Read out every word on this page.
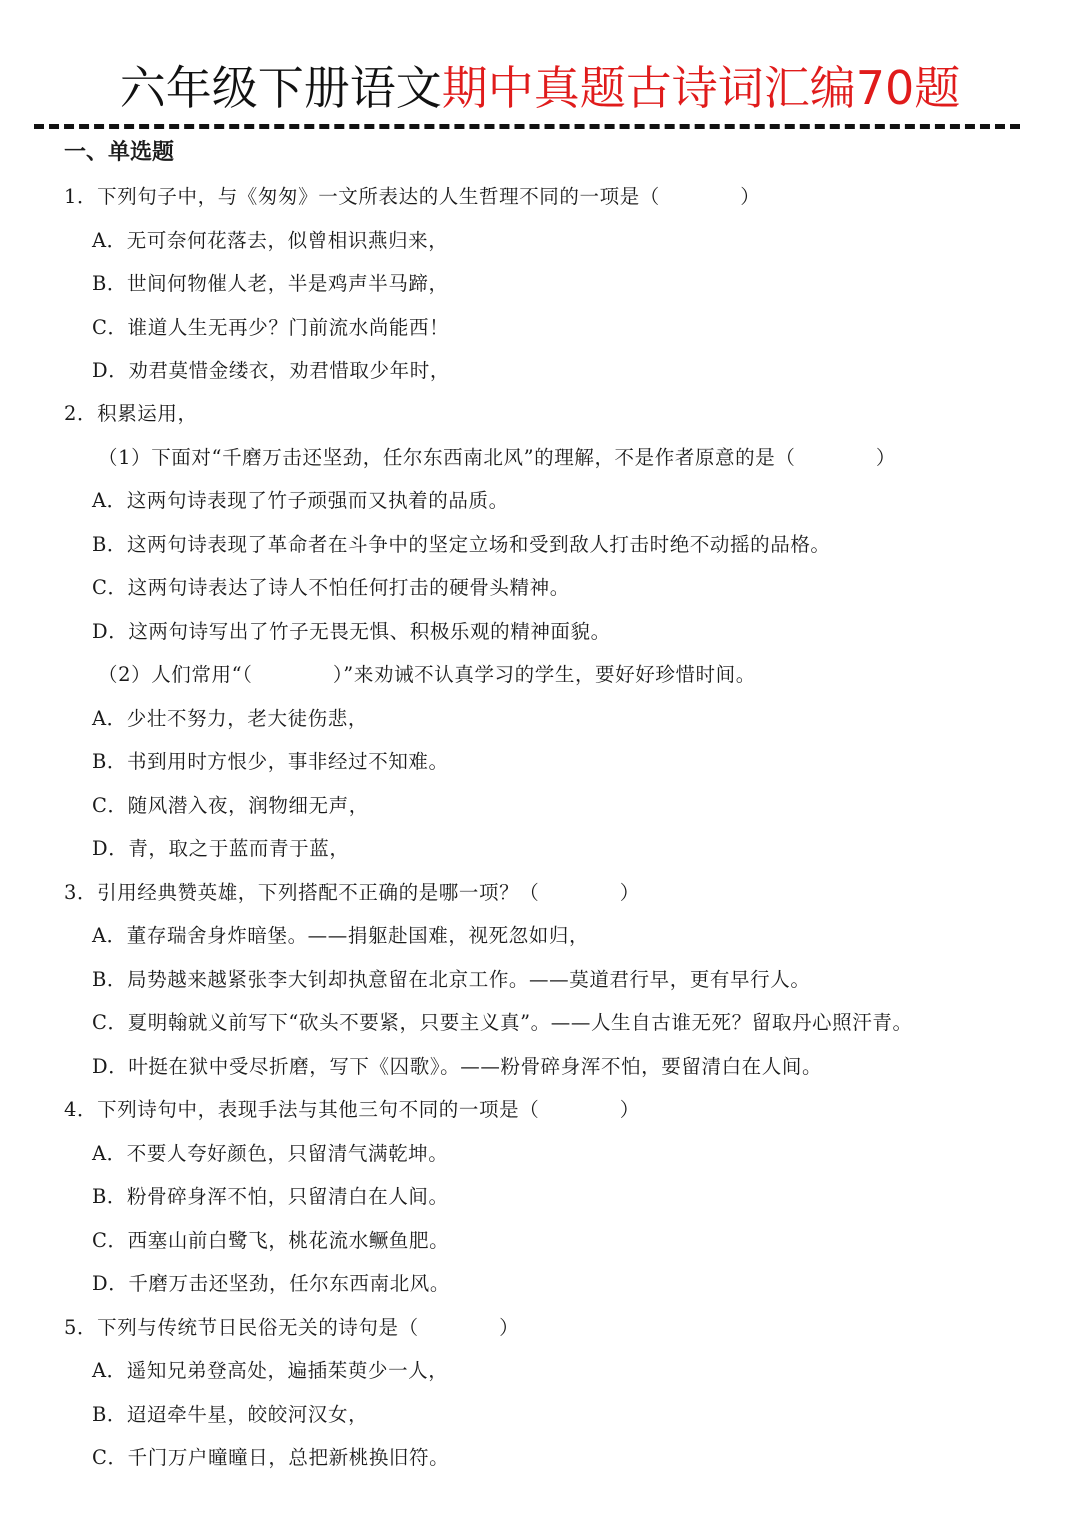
六年级下册语文期中真题古诗词汇编70题
一、单选题
1．下列句子中，与《匆匆》一文所表达的人生哲理不同的一项是（　　　　）
A．无可奈何花落去，似曾相识燕归来，
B．世间何物催人老，半是鸡声半马蹄，
C．谁道人生无再少？门前流水尚能西！
D．劝君莫惜金缕衣，劝君惜取少年时，
2．积累运用，
（1）下面对“千磨万击还坚劲，任尔东西南北风”的理解，不是作者原意的是（　　　　）
A．这两句诗表现了竹子顽强而又执着的品质。
B．这两句诗表现了革命者在斗争中的坚定立场和受到敌人打击时绝不动摇的品格。
C．这两句诗表达了诗人不怕任何打击的硬骨头精神。
D．这两句诗写出了竹子无畏无惧、积极乐观的精神面貌。
（2）人们常用“（　　　　）”来劝诫不认真学习的学生，要好好珍惜时间。
A．少壮不努力，老大徒伤悲，
B．书到用时方恨少，事非经过不知难。
C．随风潜入夜，润物细无声，
D．青，取之于蓝而青于蓝，
3．引用经典赞英雄，下列搭配不正确的是哪一项？（　　　　）
A．董存瑞舍身炸暗堡。——捐躯赴国难，视死忽如归，
B．局势越来越紧张李大钊却执意留在北京工作。——莫道君行早，更有早行人。
C．夏明翰就义前写下“砍头不要紧，只要主义真”。——人生自古谁无死？留取丹心照汗青。
D．叶挺在狱中受尽折磨，写下《囚歌》。——粉骨碎身浑不怕，要留清白在人间。
4．下列诗句中，表现手法与其他三句不同的一项是（　　　　）
A．不要人夸好颜色，只留清气满乾坤。
B．粉骨碎身浑不怕，只留清白在人间。
C．西塞山前白鹭飞，桃花流水鳜鱼肥。
D．千磨万击还坚劲，任尔东西南北风。
5．下列与传统节日民俗无关的诗句是（　　　　）
A．遥知兄弟登高处，遍插茱萸少一人，
B．迢迢牵牛星，皎皎河汉女，
C．千门万户曈曈日，总把新桃换旧符。
